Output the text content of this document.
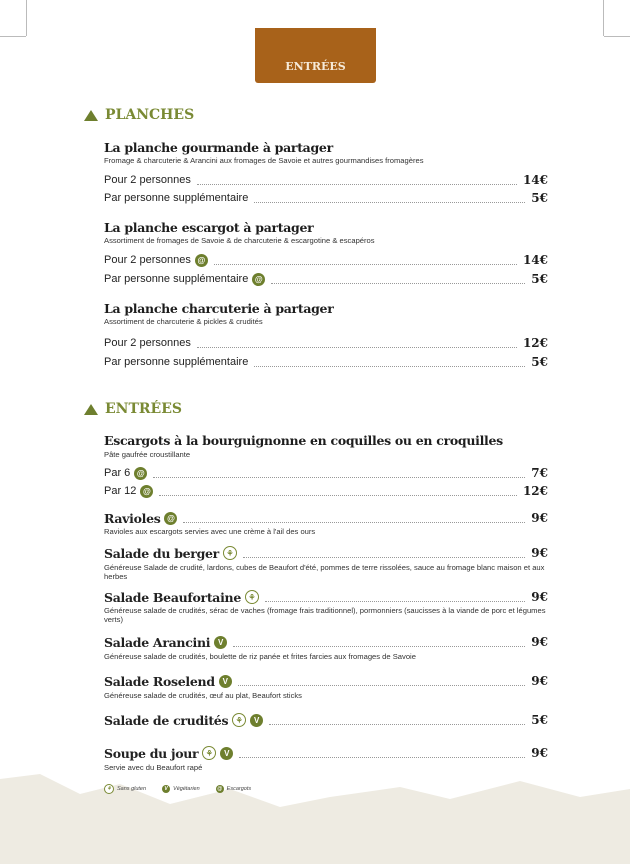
ENTRÉES
PLANCHES
ENTRÉES
⚘	Sans gluten	V Végétarien	@ Escargots
La planche gourmande à partager
Fromage & charcuterie & Arancini aux fromages de Savoie et autres gourmandises fromagères
Pour 2 personnes	14€
Par personne supplémentaire	5€
La planche escargot à partager
Assortiment de fromages de Savoie & de charcuterie & escargotine & escapéros
Pour 2 personnes @	14€
Par personne supplémentaire @	5€
La planche charcuterie à partager
Assortiment de charcuterie & pickles & crudités
Pour 2 personnes	12€
Par personne supplémentaire	5€
Escargots à la bourguignonne en coquilles ou en croquilles
Pâte gaufrée croustillante
Par 6 @	7€
Par 12 @	12€
Ravioles @	9€
Ravioles aux escargots servies avec une crème à l'ail des ours
Salade du berger ⚘	9€
Généreuse Salade de crudité, lardons, cubes de Beaufort d'été, pommes de terre rissolées, sauce au fromage blanc maison et aux herbes
Salade Beaufortaine ⚘	9€
Généreuse salade de crudités, sérac de vaches (fromage frais traditionnel), pormonniers (saucisses à la viande de porc et légumes verts)
Salade Arancini V	9€
Généreuse salade de crudités, boulette de riz panée et frites farcies aux fromages de Savoie
Salade Roselend V	9€
Généreuse salade de crudités, œuf au plat, Beaufort sticks
Salade de crudités ⚘	V	5€
Soupe du jour ⚘	V	9€
Servie avec du Beaufort rapé
